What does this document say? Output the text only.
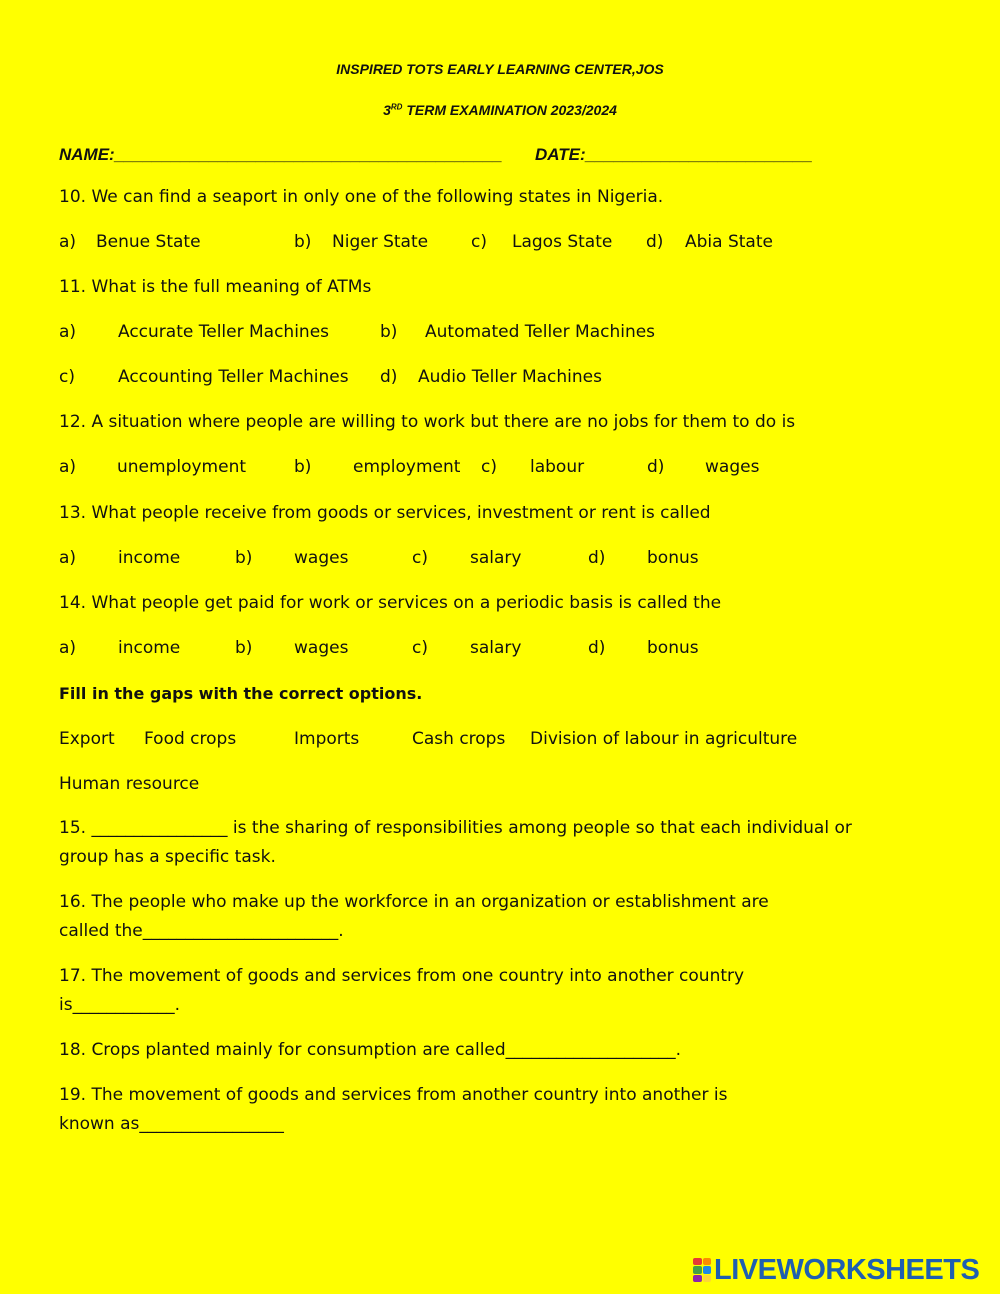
INSPIRED TOTS EARLY LEARNING CENTER,JOS
3RD TERM EXAMINATION 2023/2024
NAME:_________________________________________ DATE:________________________
10. We can find a seaport in only one of the following states in Nigeria.
a) Benue State	b) Niger State	c) Lagos State d) Abia State
11. What is the full meaning of ATMs
a) Accurate Teller Machines	b) Automated Teller Machines
c)	Accounting Teller Machines d) Audio Teller Machines
12. A situation where people are willing to work but there are no jobs for them to do is
a) unemployment	b) employment c) labour	d) wages
13. What people receive from goods or services, investment or rent is called
a) income	b) wages	c) salary	d) bonus
14. What people get paid for work or services on a periodic basis is called the
a) income	b) wages	c) salary	d) bonus
Fill in the gaps with the correct options.
Export Food crops	Imports	Cash crops Division of labour in agriculture
Human resource
15. ________________ is the sharing of responsibilities among people so that each individual or group has a specific task.
16. The people who make up the workforce in an organization or establishment are called the_______________________.
17. The movement of goods and services from one country into another country is____________.
18. Crops planted mainly for consumption are called____________________.
19. The movement of goods and services from another country into another is known as_________________
LIVEWORKSHEETS
